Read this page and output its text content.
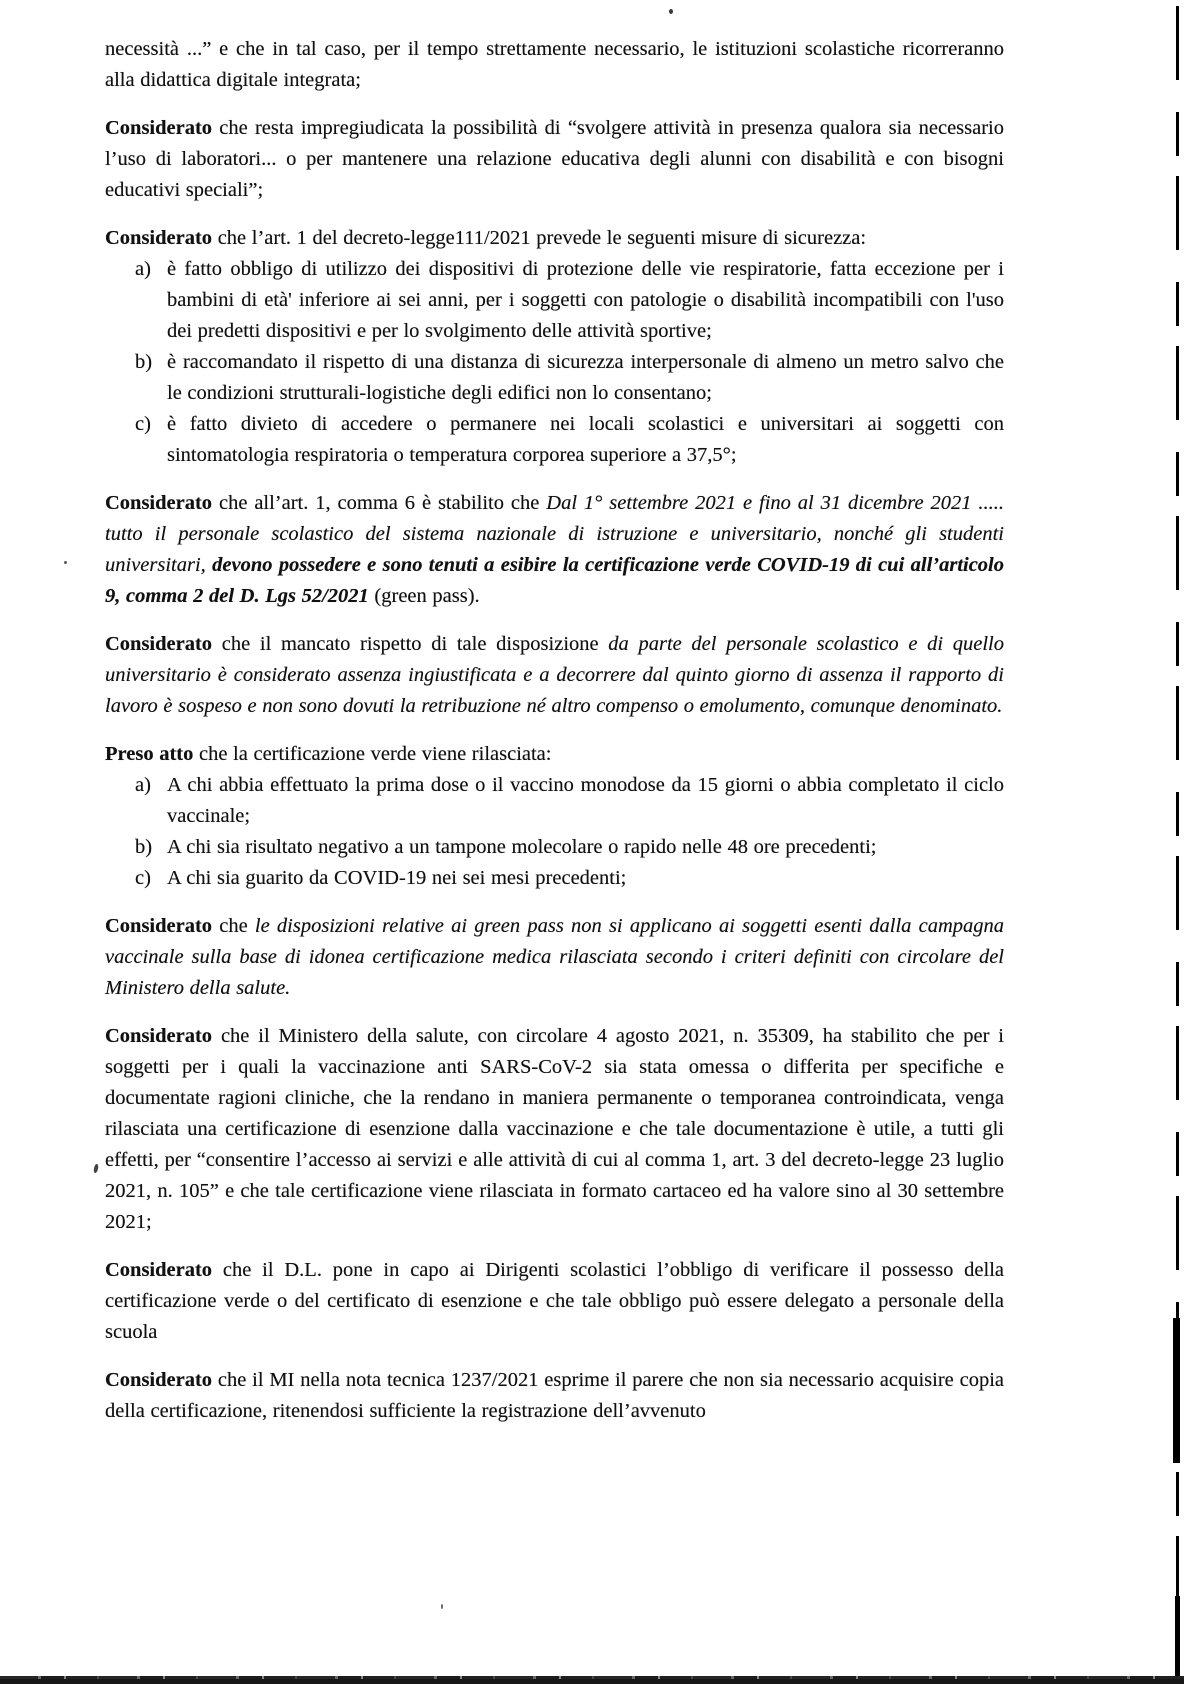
necessità ...” e che in tal caso, per il tempo strettamente necessario, le istituzioni scolastiche ricorreranno alla didattica digitale integrata;

Considerato che resta impregiudicata la possibilità di “svolgere attività in presenza qualora sia necessario l’uso di laboratori... o per mantenere una relazione educativa degli alunni con disabilità e con bisogni educativi speciali”;

Considerato che l’art. 1 del decreto-legge111/2021 prevede le seguenti misure di sicurezza:

a) è fatto obbligo di utilizzo dei dispositivi di protezione delle vie respiratorie, fatta eccezione per i bambini di età' inferiore ai sei anni, per i soggetti con patologie o disabilità incompatibili con l'uso dei predetti dispositivi e per lo svolgimento delle attività sportive;
b) è raccomandato il rispetto di una distanza di sicurezza interpersonale di almeno un metro salvo che le condizioni strutturali-logistiche degli edifici non lo consentano;
c) è fatto divieto di accedere o permanere nei locali scolastici e universitari ai soggetti con sintomatologia respiratoria o temperatura corporea superiore a 37,5°;

Considerato che all’art. 1, comma 6 è stabilito che Dal 1° settembre 2021 e fino al 31 dicembre 2021 ..... tutto il personale scolastico del sistema nazionale di istruzione e universitario, nonché gli studenti universitari, devono possedere e sono tenuti a esibire la certificazione verde COVID-19 di cui all’articolo 9, comma 2 del D. Lgs 52/2021 (green pass).

Considerato che il mancato rispetto di tale disposizione da parte del personale scolastico e di quello universitario è considerato assenza ingiustificata e a decorrere dal quinto giorno di assenza il rapporto di lavoro è sospeso e non sono dovuti la retribuzione né altro compenso o emolumento, comunque denominato.

Preso atto che la certificazione verde viene rilasciata:

a) A chi abbia effettuato la prima dose o il vaccino monodose da 15 giorni o abbia completato il ciclo vaccinale;
b) A chi sia risultato negativo a un tampone molecolare o rapido nelle 48 ore precedenti;
c) A chi sia guarito da COVID-19 nei sei mesi precedenti;

Considerato che le disposizioni relative ai green pass non si applicano ai soggetti esenti dalla campagna vaccinale sulla base di idonea certificazione medica rilasciata secondo i criteri definiti con circolare del Ministero della salute.

Considerato che il Ministero della salute, con circolare 4 agosto 2021, n. 35309, ha stabilito che per i soggetti per i quali la vaccinazione anti SARS-CoV-2 sia stata omessa o differita per specifiche e documentate ragioni cliniche, che la rendano in maniera permanente o temporanea controindicata, venga rilasciata una certificazione di esenzione dalla vaccinazione e che tale documentazione è utile, a tutti gli effetti, per “consentire l’accesso ai servizi e alle attività di cui al comma 1, art. 3 del decreto-legge 23 luglio 2021, n. 105” e che tale certificazione viene rilasciata in formato cartaceo ed ha valore sino al 30 settembre 2021;

Considerato che il D.L. pone in capo ai Dirigenti scolastici l’obbligo di verificare il possesso della certificazione verde o del certificato di esenzione e che tale obbligo può essere delegato a personale della scuola

Considerato che il MI nella nota tecnica 1237/2021 esprime il parere che non sia necessario acquisire copia della certificazione, ritenendosi sufficiente la registrazione dell’avvenuto
